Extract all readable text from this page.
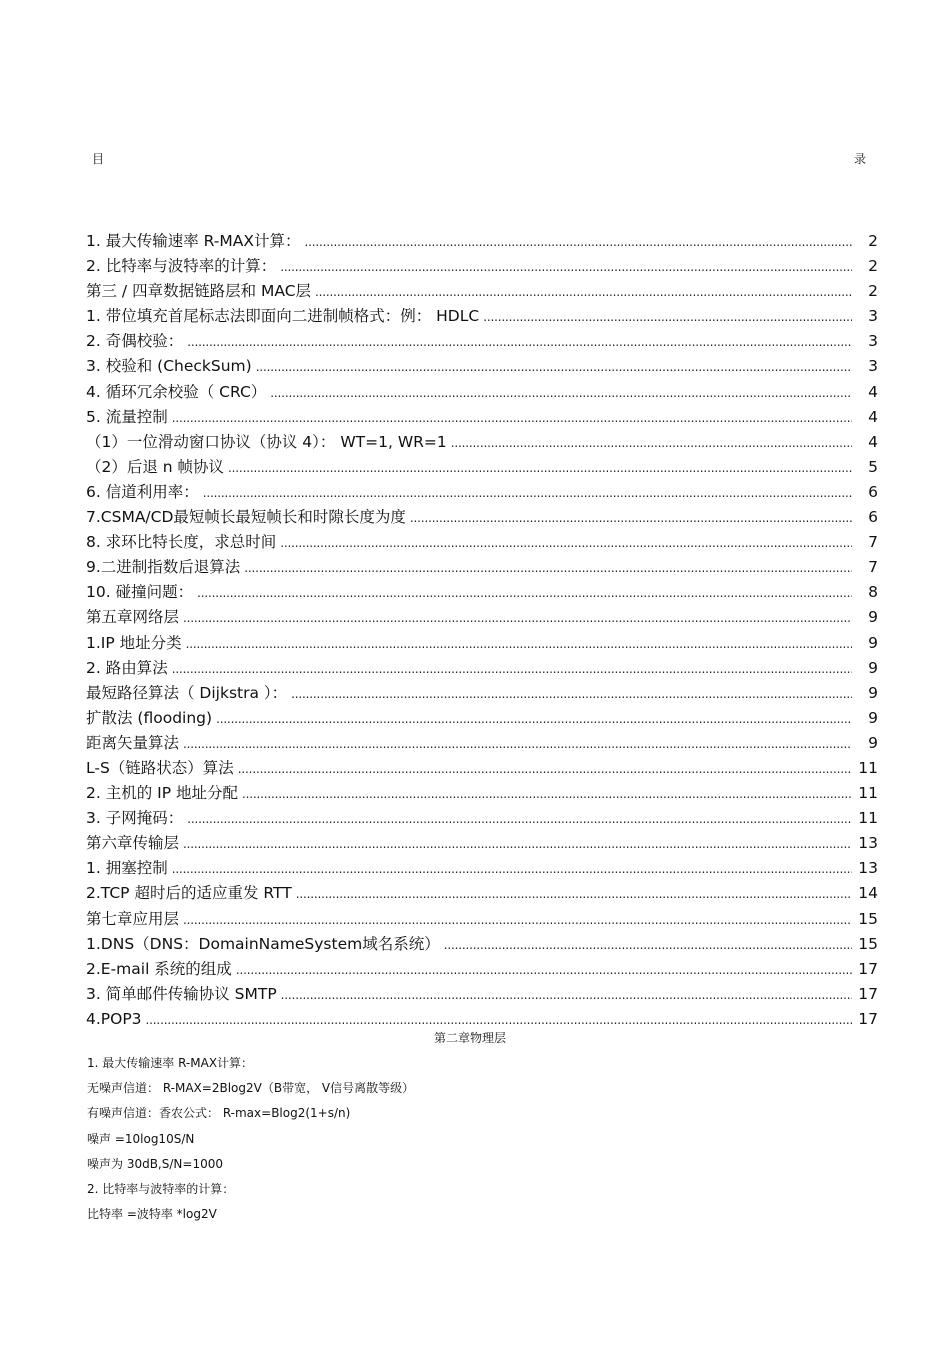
目	录
1. 最大传输速率 R-MAX计算： . . .	2
2. 比特率与波特率的计算： . . .	2
第三 / 四章数据链路层和 MAC层 . . .	2
1. 带位填充首尾标志法即面向二进制帧格式：例： HDLC . . .	3
2. 奇偶校验： . . .	3
3. 校验和 (CheckSum) . . .	3
4. 循环冗余校验（ CRC） . . .	4
5. 流量控制 . . .	4
（1）一位滑动窗口协议（协议 4）： WT=1, WR=1 . . .	4
（2）后退 n 帧协议 . . .	5
6. 信道利用率： . . .	6
7.CSMA/CD最短帧长最短帧长和时隙长度为度 . . .	6
8. 求环比特长度，求总时间 . . .	7
9.二进制指数后退算法 . . .	7
10. 碰撞问题： . . .	8
第五章网络层 . . .	9
1.IP 地址分类 . . .	9
2. 路由算法 . . .	9
最短路径算法（ Dijkstra ）： . . .	9
扩散法 (flooding) . . .	9
距离矢量算法 . . .	9
L-S（链路状态）算法 . . .	11
2. 主机的 IP 地址分配 . . .	11
3. 子网掩码： . . .	11
第六章传输层 . . .	13
1. 拥塞控制 . . .	13
2.TCP 超时后的适应重发 RTT . . .	14
第七章应用层 . . .	15
1.DNS（DNS：DomainNameSystem域名系统） . . .	15
2.E-mail 系统的组成 . . .	17
3. 简单邮件传输协议 SMTP . . .	17
4.POP3 . . .	17
第二章物理层
1. 最大传输速率 R-MAX计算：
无噪声信道： R-MAX=2Blog2V（B带宽， V信号离散等级）
有噪声信道：香农公式： R-max=Blog2(1+s/n)
噪声 =10log10S/N
噪声为 30dB,S/N=1000
2. 比特率与波特率的计算：
比特率 =波特率 *log2V
